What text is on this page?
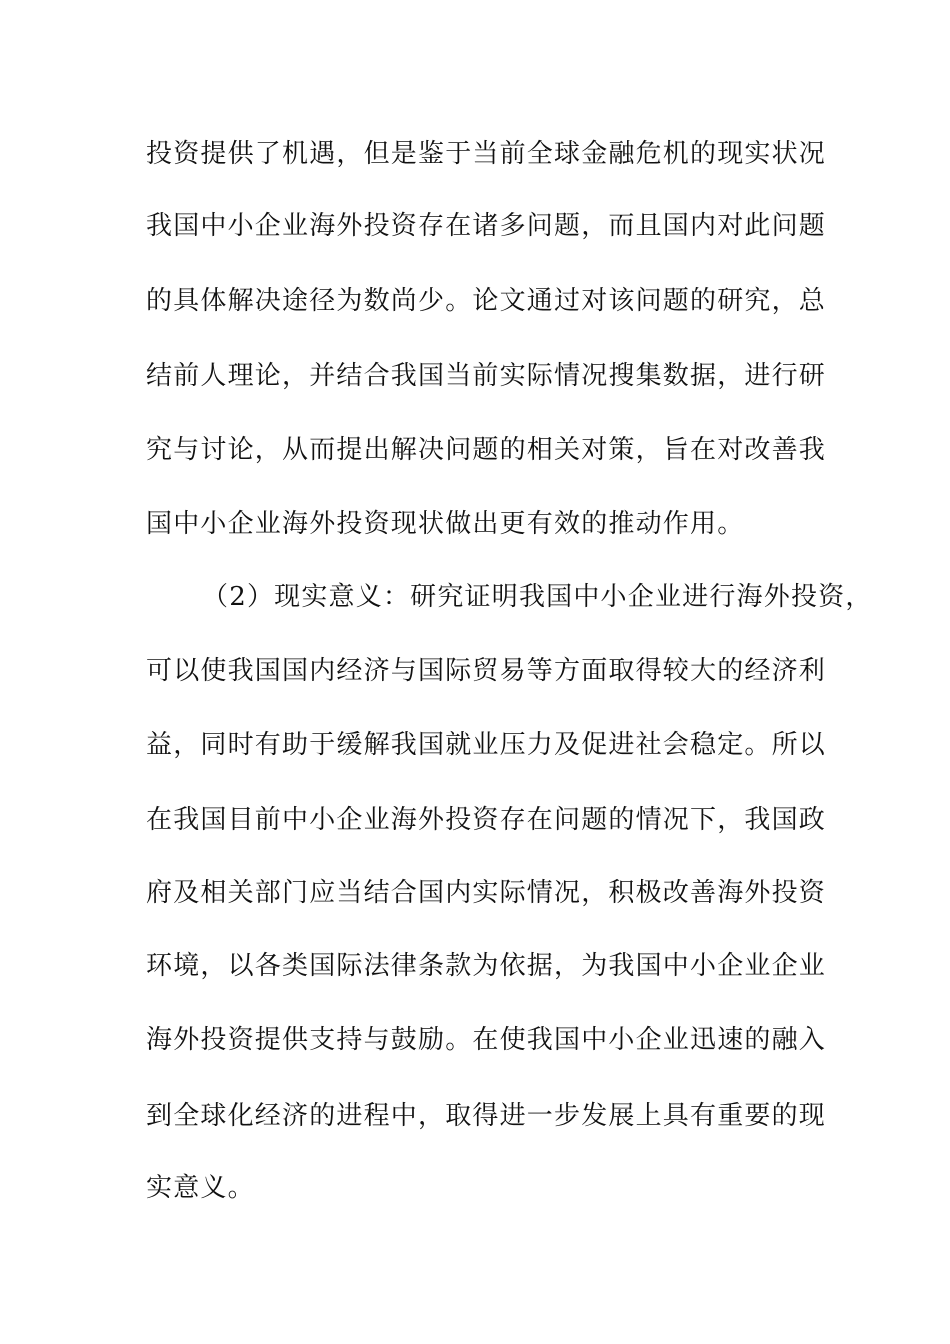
投资提供了机遇，但是鉴于当前全球金融危机的现实状况
我国中小企业海外投资存在诸多问题，而且国内对此问题
的具体解决途径为数尚少。论文通过对该问题的研究，总
结前人理论，并结合我国当前实际情况搜集数据，进行研
究与讨论，从而提出解决问题的相关对策，旨在对改善我
国中小企业海外投资现状做出更有效的推动作用。
（2）现实意义：研究证明我国中小企业进行海外投资，
可以使我国国内经济与国际贸易等方面取得较大的经济利
益，同时有助于缓解我国就业压力及促进社会稳定。所以
在我国目前中小企业海外投资存在问题的情况下，我国政
府及相关部门应当结合国内实际情况，积极改善海外投资
环境，以各类国际法律条款为依据，为我国中小企业企业
海外投资提供支持与鼓励。在使我国中小企业迅速的融入
到全球化经济的进程中，取得进一步发展上具有重要的现
实意义。
